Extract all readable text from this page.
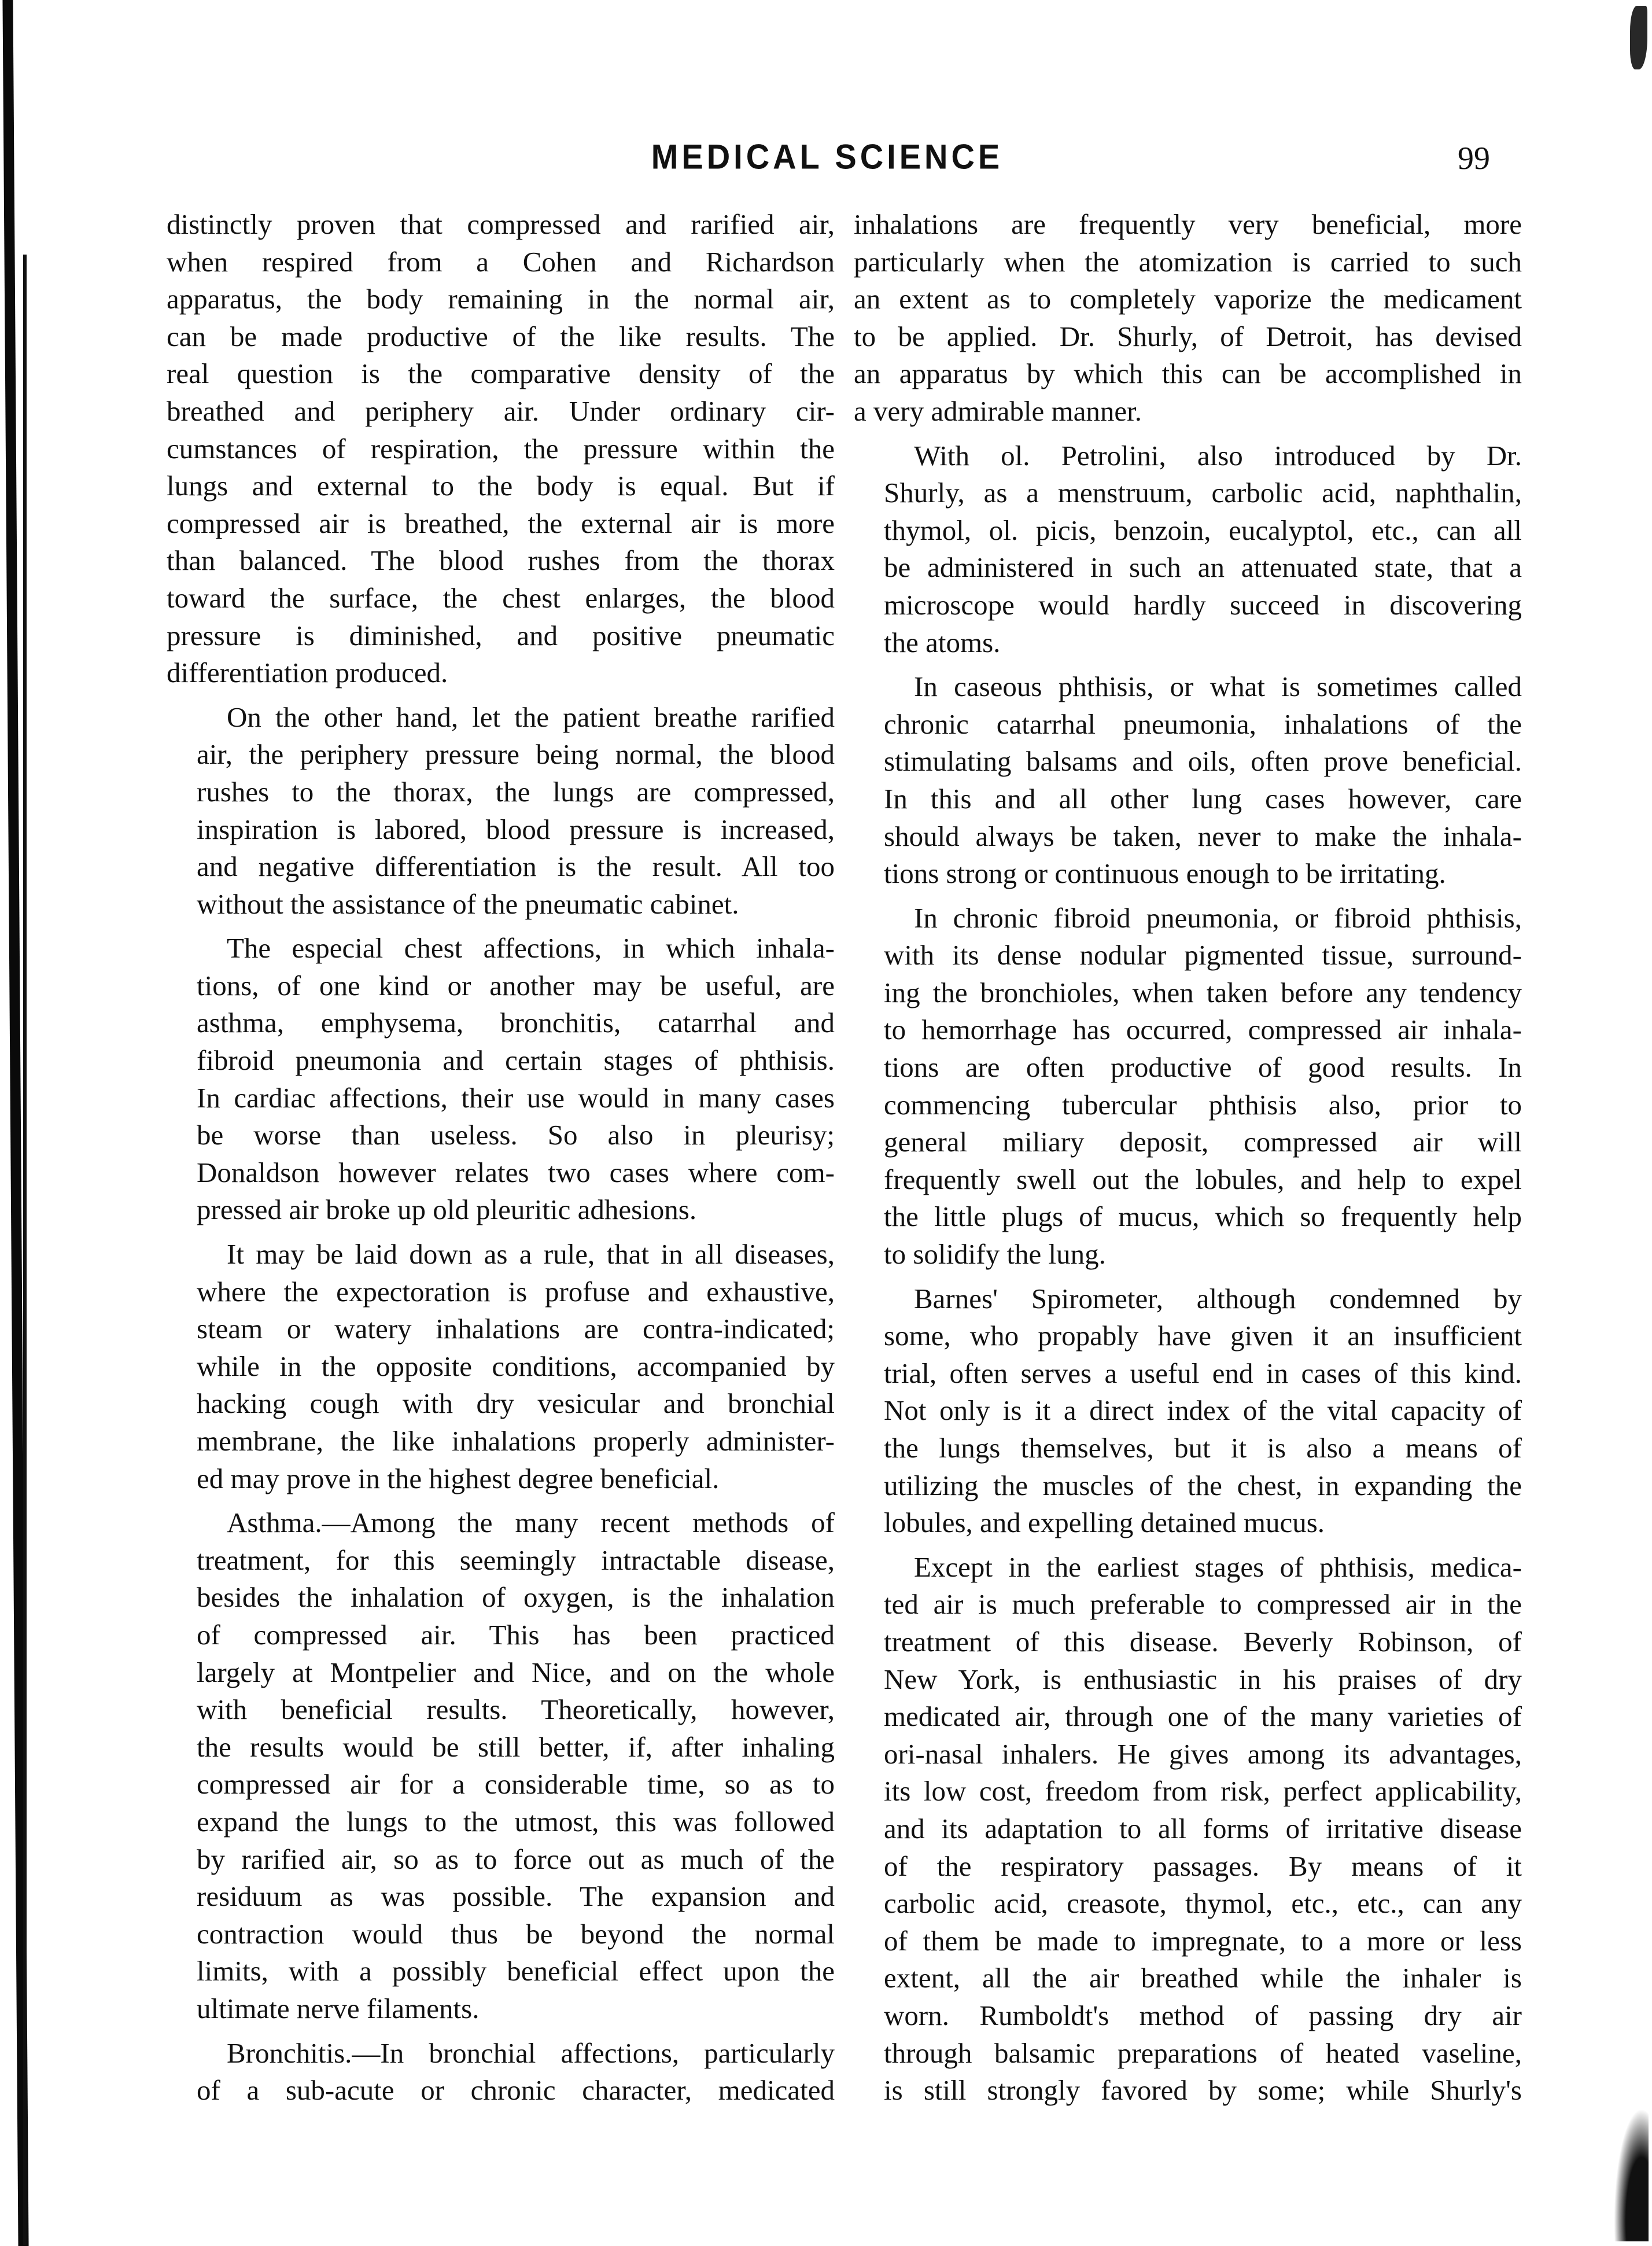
MEDICAL SCIENCE	99
distinctly proven that compressed and rarified air,
when respired from a Cohen and Richardson
apparatus, the body remaining in the normal air,
can be made productive of the like results. The
real question is the comparative density of the
breathed and periphery air. Under ordinary cir-
cumstances of respiration, the pressure within the
lungs and external to the body is equal. But if
compressed air is breathed, the external air is more
than balanced. The blood rushes from the thorax
toward the surface, the chest enlarges, the blood
pressure is diminished, and positive pneumatic
differentiation produced.
On the other hand, let the patient breathe rarified
air, the periphery pressure being normal, the blood
rushes to the thorax, the lungs are compressed,
inspiration is labored, blood pressure is increased,
and negative differentiation is the result. All too
without the assistance of the pneumatic cabinet.
The especial chest affections, in which inhala-
tions, of one kind or another may be useful, are
asthma, emphysema, bronchitis, catarrhal and
fibroid pneumonia and certain stages of phthisis.
In cardiac affections, their use would in many cases
be worse than useless. So also in pleurisy;
Donaldson however relates two cases where com-
pressed air broke up old pleuritic adhesions.
It may be laid down as a rule, that in all diseases,
where the expectoration is profuse and exhaustive,
steam or watery inhalations are contra-indicated;
while in the opposite conditions, accompanied by
hacking cough with dry vesicular and bronchial
membrane, the like inhalations properly administer-
ed may prove in the highest degree beneficial.
Asthma.—Among the many recent methods of
treatment, for this seemingly intractable disease,
besides the inhalation of oxygen, is the inhalation
of compressed air. This has been practiced
largely at Montpelier and Nice, and on the whole
with beneficial results. Theoretically, however,
the results would be still better, if, after inhaling
compressed air for a considerable time, so as to
expand the lungs to the utmost, this was followed
by rarified air, so as to force out as much of the
residuum as was possible. The expansion and
contraction would thus be beyond the normal
limits, with a possibly beneficial effect upon the
ultimate nerve filaments.
Bronchitis.—In bronchial affections, particularly
of a sub-acute or chronic character, medicated
inhalations are frequently very beneficial, more
particularly when the atomization is carried to such
an extent as to completely vaporize the medicament
to be applied. Dr. Shurly, of Detroit, has devised
an apparatus by which this can be accomplished in
a very admirable manner.
With ol. Petrolini, also introduced by Dr.
Shurly, as a menstruum, carbolic acid, naphthalin,
thymol, ol. picis, benzoin, eucalyptol, etc., can all
be administered in such an attenuated state, that a
microscope would hardly succeed in discovering
the atoms.
In caseous phthisis, or what is sometimes called
chronic catarrhal pneumonia, inhalations of the
stimulating balsams and oils, often prove beneficial.
In this and all other lung cases however, care
should always be taken, never to make the inhala-
tions strong or continuous enough to be irritating.
In chronic fibroid pneumonia, or fibroid phthisis,
with its dense nodular pigmented tissue, surround-
ing the bronchioles, when taken before any tendency
to hemorrhage has occurred, compressed air inhala-
tions are often productive of good results. In
commencing tubercular phthisis also, prior to
general miliary deposit, compressed air will
frequently swell out the lobules, and help to expel
the little plugs of mucus, which so frequently help
to solidify the lung.
Barnes' Spirometer, although condemned by
some, who propably have given it an insufficient
trial, often serves a useful end in cases of this kind.
Not only is it a direct index of the vital capacity of
the lungs themselves, but it is also a means of
utilizing the muscles of the chest, in expanding the
lobules, and expelling detained mucus.
Except in the earliest stages of phthisis, medica-
ted air is much preferable to compressed air in the
treatment of this disease. Beverly Robinson, of
New York, is enthusiastic in his praises of dry
medicated air, through one of the many varieties of
ori-nasal inhalers. He gives among its advantages,
its low cost, freedom from risk, perfect applicability,
and its adaptation to all forms of irritative disease
of the respiratory passages. By means of it
carbolic acid, creasote, thymol, etc., etc., can any
of them be made to impregnate, to a more or less
extent, all the air breathed while the inhaler is
worn. Rumboldt's method of passing dry air
through balsamic preparations of heated vaseline,
is still strongly favored by some; while Shurly's
